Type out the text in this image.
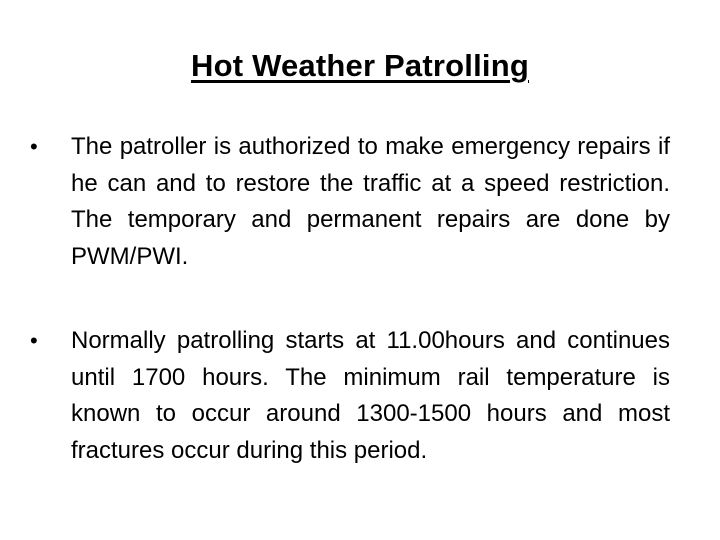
Hot Weather Patrolling
• The patroller is authorized to make emergency repairs if he can and to restore the traffic at a speed restriction. The temporary and permanent repairs are done by PWM/PWI.
• Normally patrolling starts at 11.00hours and continues until 1700 hours. The minimum rail temperature is known to occur around 1300-1500 hours and most fractures occur during this period.
